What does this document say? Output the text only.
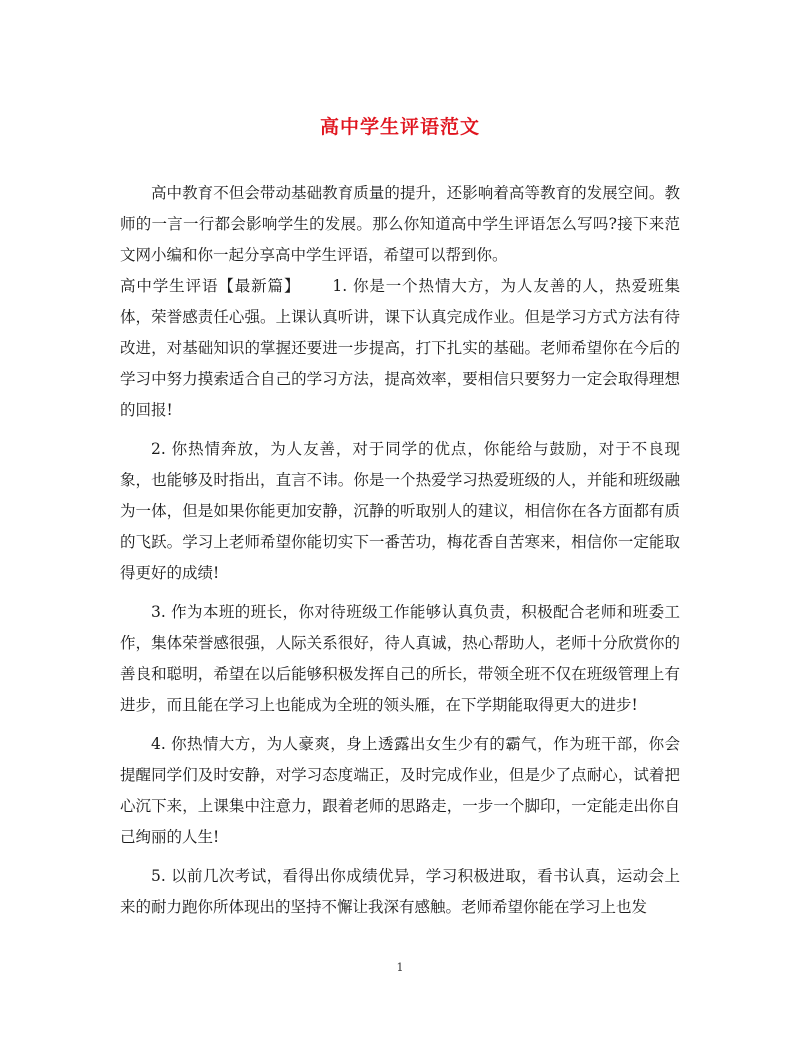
高中学生评语范文

高中教育不但会带动基础教育质量的提升，还影响着高等教育的发展空间。教师的一言一行都会影响学生的发展。那么你知道高中学生评语怎么写吗?接下来范文网小编和你一起分享高中学生评语，希望可以帮到你。

高中学生评语【最新篇】 1. 你是一个热情大方，为人友善的人，热爱班集体，荣誉感责任心强。上课认真听讲，课下认真完成作业。但是学习方式方法有待改进，对基础知识的掌握还要进一步提高，打下扎实的基础。老师希望你在今后的学习中努力摸索适合自己的学习方法，提高效率，要相信只要努力一定会取得理想的回报!

2. 你热情奔放，为人友善，对于同学的优点，你能给与鼓励，对于不良现象，也能够及时指出，直言不讳。你是一个热爱学习热爱班级的人，并能和班级融为一体，但是如果你能更加安静，沉静的听取别人的建议，相信你在各方面都有质的飞跃。学习上老师希望你能切实下一番苦功，梅花香自苦寒来，相信你一定能取得更好的成绩!

3. 作为本班的班长，你对待班级工作能够认真负责，积极配合老师和班委工作，集体荣誉感很强，人际关系很好，待人真诚，热心帮助人，老师十分欣赏你的善良和聪明，希望在以后能够积极发挥自己的所长，带领全班不仅在班级管理上有进步，而且能在学习上也能成为全班的领头雁，在下学期能取得更大的进步!

4. 你热情大方，为人豪爽，身上透露出女生少有的霸气，作为班干部，你会提醒同学们及时安静，对学习态度端正，及时完成作业，但是少了点耐心，试着把心沉下来，上课集中注意力，跟着老师的思路走，一步一个脚印，一定能走出你自己绚丽的人生!

5. 以前几次考试，看得出你成绩优异，学习积极进取，看书认真，运动会上来的耐力跑你所体现出的坚持不懈让我深有感触。老师希望你能在学习上也发

1
